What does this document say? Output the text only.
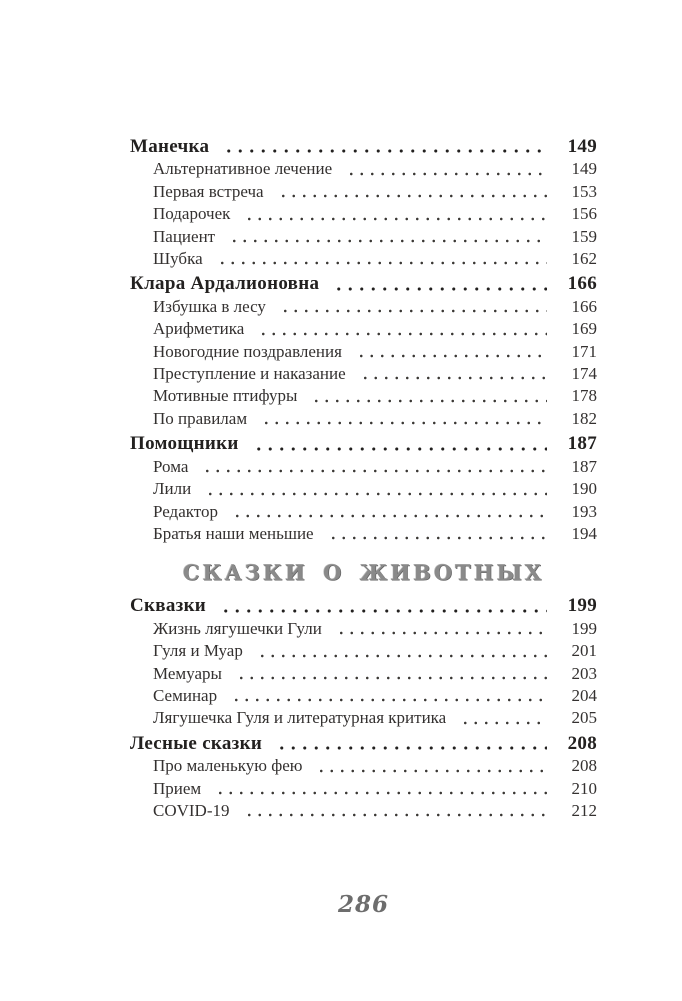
Манечка	149
Альтернативное лечение	149
Первая встреча	153
Подарочек	156
Пациент	159
Шубка	162
Клара Ардалионовна	166
Избушка в лесу	166
Арифметика	169
Новогодние поздравления	171
Преступление и наказание	174
Мотивные птифуры	178
По правилам	182
Помощники	187
Рома	187
Лили	190
Редактор	193
Братья наши меньшие	194
СКАЗКИ О ЖИВОТНЫХ
Сквазки	199
Жизнь лягушечки Гули	199
Гуля и Муар	201
Мемуары	203
Семинар	204
Лягушечка Гуля и литературная критика	205
Лесные сказки	208
Про маленькую фею	208
Прием	210
COVID-19	212
286
